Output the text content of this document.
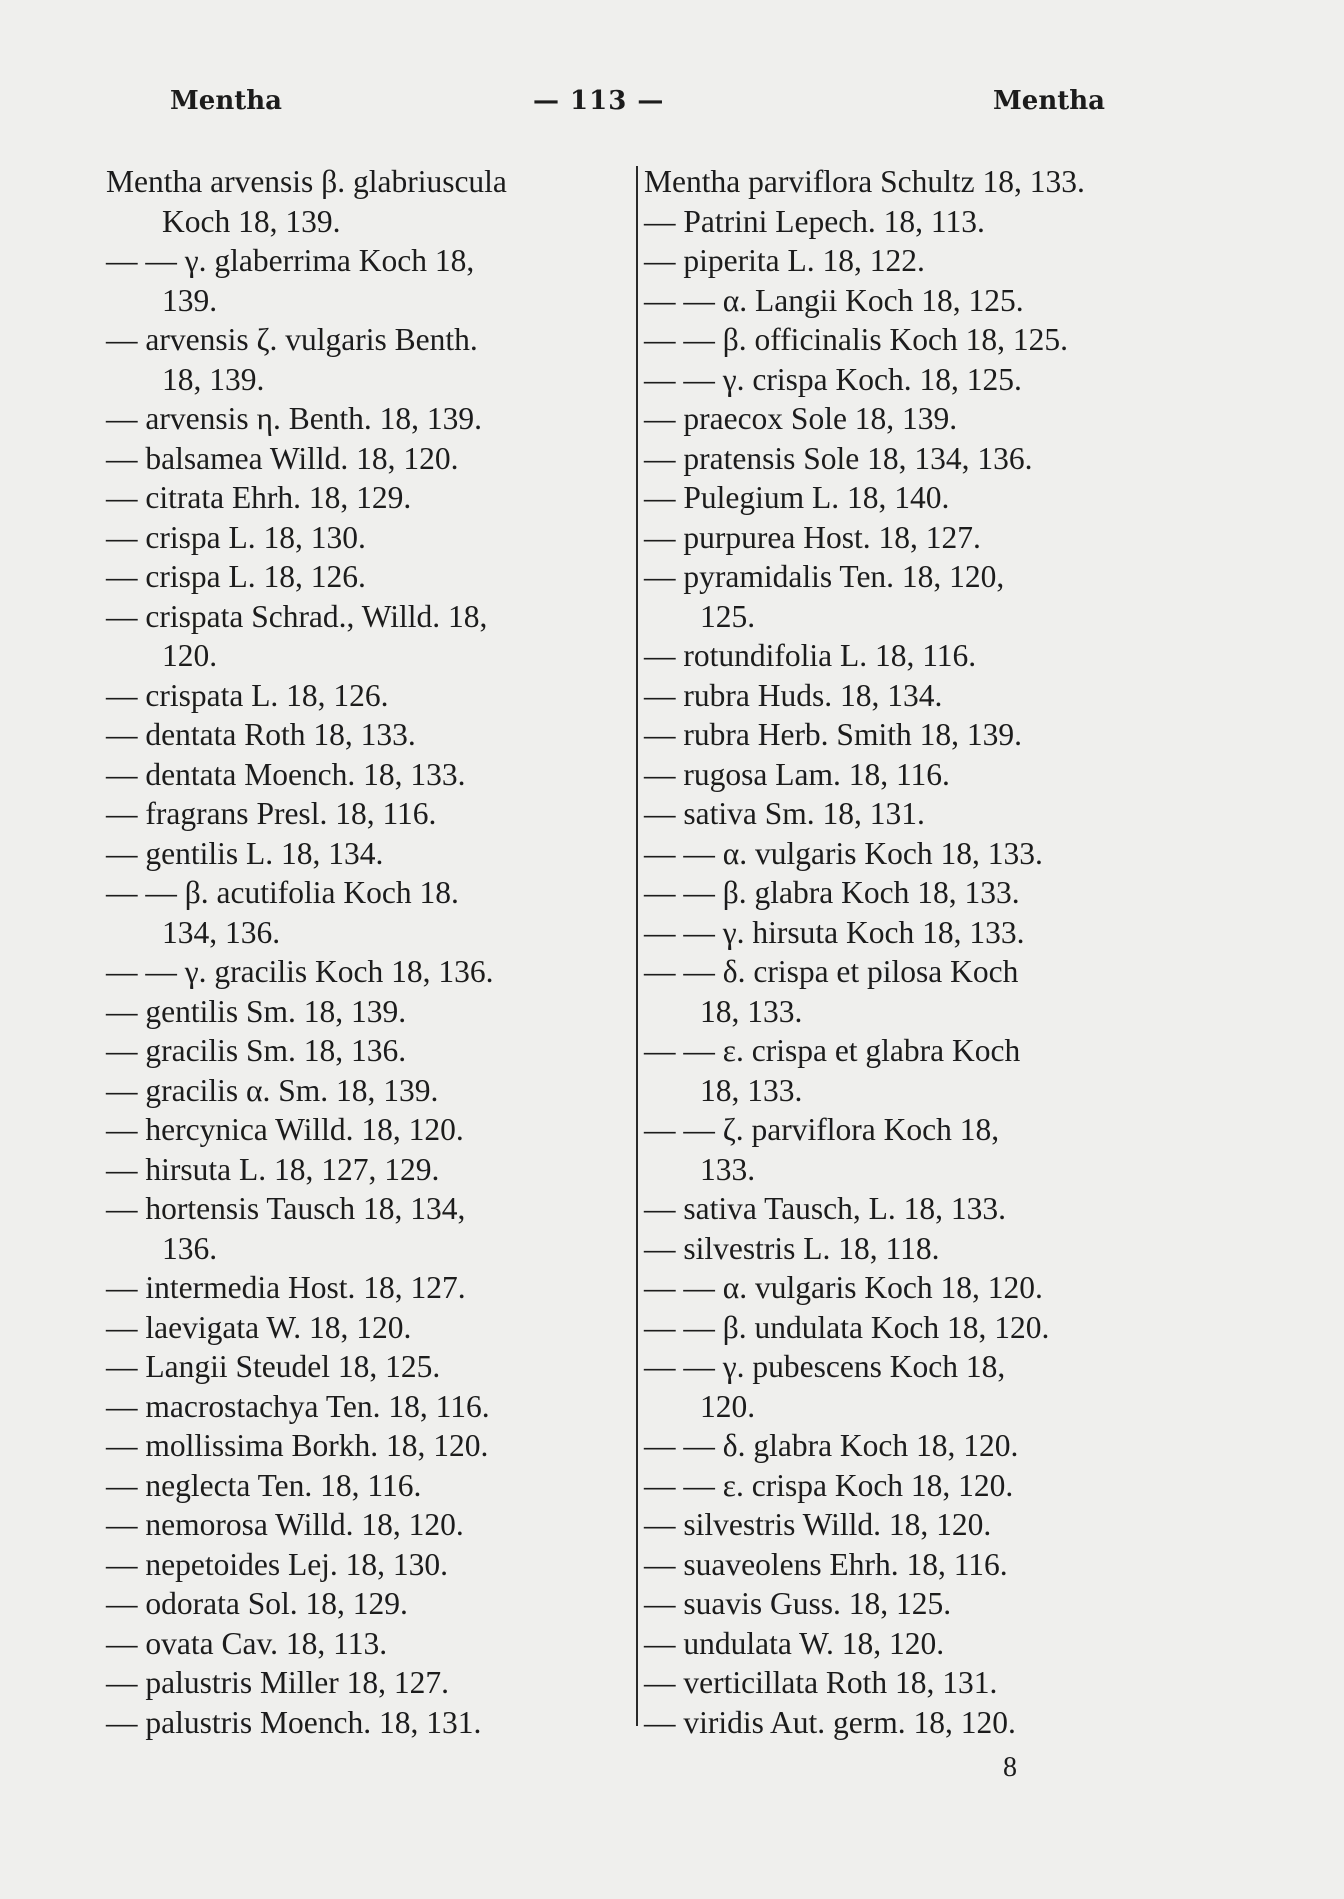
Mentha	— 113 —	Mentha
Mentha arvensis β. glabriuscula
Koch 18, 139.
— — γ. glaberrima Koch 18,
139.
— arvensis ζ. vulgaris Benth.
18, 139.
— arvensis η. Benth. 18, 139.
— balsamea Willd. 18, 120.
— citrata Ehrh. 18, 129.
— crispa L. 18, 130.
— crispa L. 18, 126.
— crispata Schrad., Willd. 18,
120.
— crispata L. 18, 126.
— dentata Roth 18, 133.
— dentata Moench. 18, 133.
— fragrans Presl. 18, 116.
— gentilis L. 18, 134.
— — β. acutifolia Koch 18.
134, 136.
— — γ. gracilis Koch 18, 136.
— gentilis Sm. 18, 139.
— gracilis Sm. 18, 136.
— gracilis α. Sm. 18, 139.
— hercynica Willd. 18, 120.
— hirsuta L. 18, 127, 129.
— hortensis Tausch 18, 134,
136.
— intermedia Host. 18, 127.
— laevigata W. 18, 120.
— Langii Steudel 18, 125.
— macrostachya Ten. 18, 116.
— mollissima Borkh. 18, 120.
— neglecta Ten. 18, 116.
— nemorosa Willd. 18, 120.
— nepetoides Lej. 18, 130.
— odorata Sol. 18, 129.
— ovata Cav. 18, 113.
— palustris Miller 18, 127.
— palustris Moench. 18, 131.
Mentha parviflora Schultz 18, 133.
— Patrini Lepech. 18, 113.
— piperita L. 18, 122.
— — α. Langii Koch 18, 125.
— — β. officinalis Koch 18, 125.
— — γ. crispa Koch. 18, 125.
— praecox Sole 18, 139.
— pratensis Sole 18, 134, 136.
— Pulegium L. 18, 140.
— purpurea Host. 18, 127.
— pyramidalis Ten. 18, 120,
125.
— rotundifolia L. 18, 116.
— rubra Huds. 18, 134.
— rubra Herb. Smith 18, 139.
— rugosa Lam. 18, 116.
— sativa Sm. 18, 131.
— — α. vulgaris Koch 18, 133.
— — β. glabra Koch 18, 133.
— — γ. hirsuta Koch 18, 133.
— — δ. crispa et pilosa Koch
18, 133.
— — ε. crispa et glabra Koch
18, 133.
— — ζ. parviflora Koch 18,
133.
— sativa Tausch, L. 18, 133.
— silvestris L. 18, 118.
— — α. vulgaris Koch 18, 120.
— — β. undulata Koch 18, 120.
— — γ. pubescens Koch 18,
120.
— — δ. glabra Koch 18, 120.
— — ε. crispa Koch 18, 120.
— silvestris Willd. 18, 120.
— suaveolens Ehrh. 18, 116.
— suavis Guss. 18, 125.
— undulata W. 18, 120.
— verticillata Roth 18, 131.
— viridis Aut. germ. 18, 120.
8
